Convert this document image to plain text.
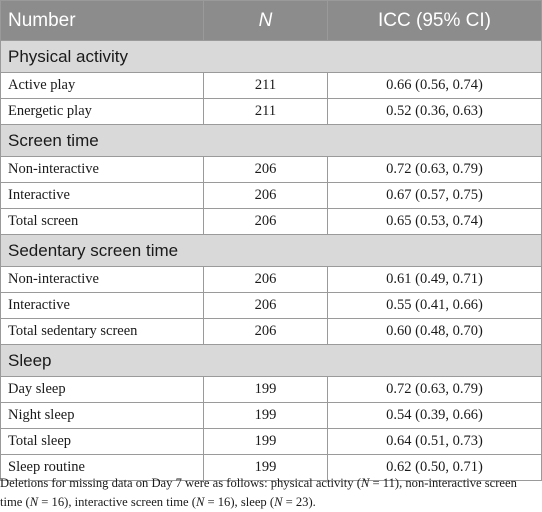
Number	N	ICC (95% CI)
Physical activity		
Active play	211	0.66 (0.56, 0.74)
Energetic play	211	0.52 (0.36, 0.63)
Screen time		
Non-interactive	206	0.72 (0.63, 0.79)
Interactive	206	0.67 (0.57, 0.75)
Total screen	206	0.65 (0.53, 0.74)
Sedentary screen time		
Non-interactive	206	0.61 (0.49, 0.71)
Interactive	206	0.55 (0.41, 0.66)
Total sedentary screen	206	0.60 (0.48, 0.70)
Sleep		
Day sleep	199	0.72 (0.63, 0.79)
Night sleep	199	0.54 (0.39, 0.66)
Total sleep	199	0.64 (0.51, 0.73)
Sleep routine	199	0.62 (0.50, 0.71)
Deletions for missing data on Day 7 were as follows: physical activity (N = 11), non-interactive screen time (N = 16), interactive screen time (N = 16), sleep (N = 23).
